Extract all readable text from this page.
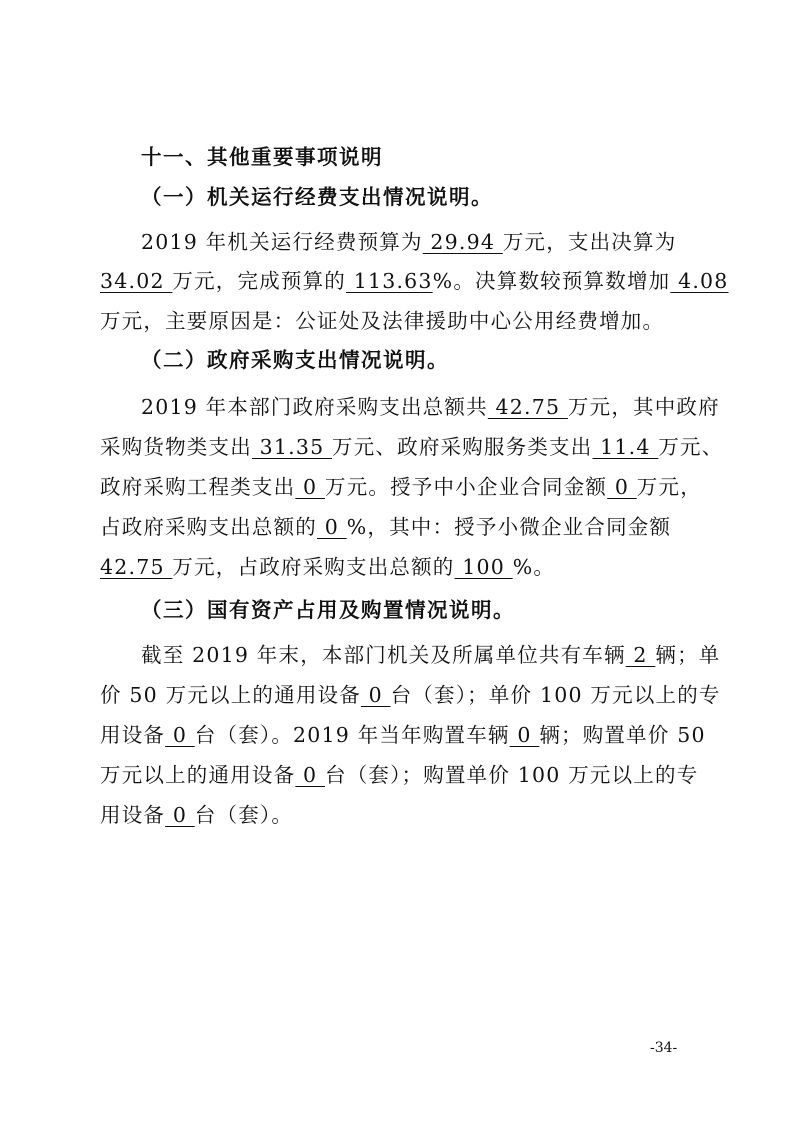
十一、其他重要事项说明
（一）机关运行经费支出情况说明。
2019 年机关运行经费预算为 29.94 万元，支出决算为
34.02 万元，完成预算的 113.63%。决算数较预算数增加 4.08
万元，主要原因是：公证处及法律援助中心公用经费增加。
（二）政府采购支出情况说明。
2019 年本部门政府采购支出总额共 42.75 万元，其中政府
采购货物类支出 31.35 万元、政府采购服务类支出 11.4 万元、
政府采购工程类支出 0 万元。授予中小企业合同金额 0 万元，
占政府采购支出总额的 0 %，其中：授予小微企业合同金额
42.75 万元，占政府采购支出总额的 100 %。
（三）国有资产占用及购置情况说明。
截至 2019 年末，本部门机关及所属单位共有车辆 2 辆；单
价 50 万元以上的通用设备 0 台（套）；单价 100 万元以上的专
用设备 0 台（套）。2019 年当年购置车辆 0 辆；购置单价 50
万元以上的通用设备 0 台（套）；购置单价 100 万元以上的专
用设备 0 台（套）。
-34-
